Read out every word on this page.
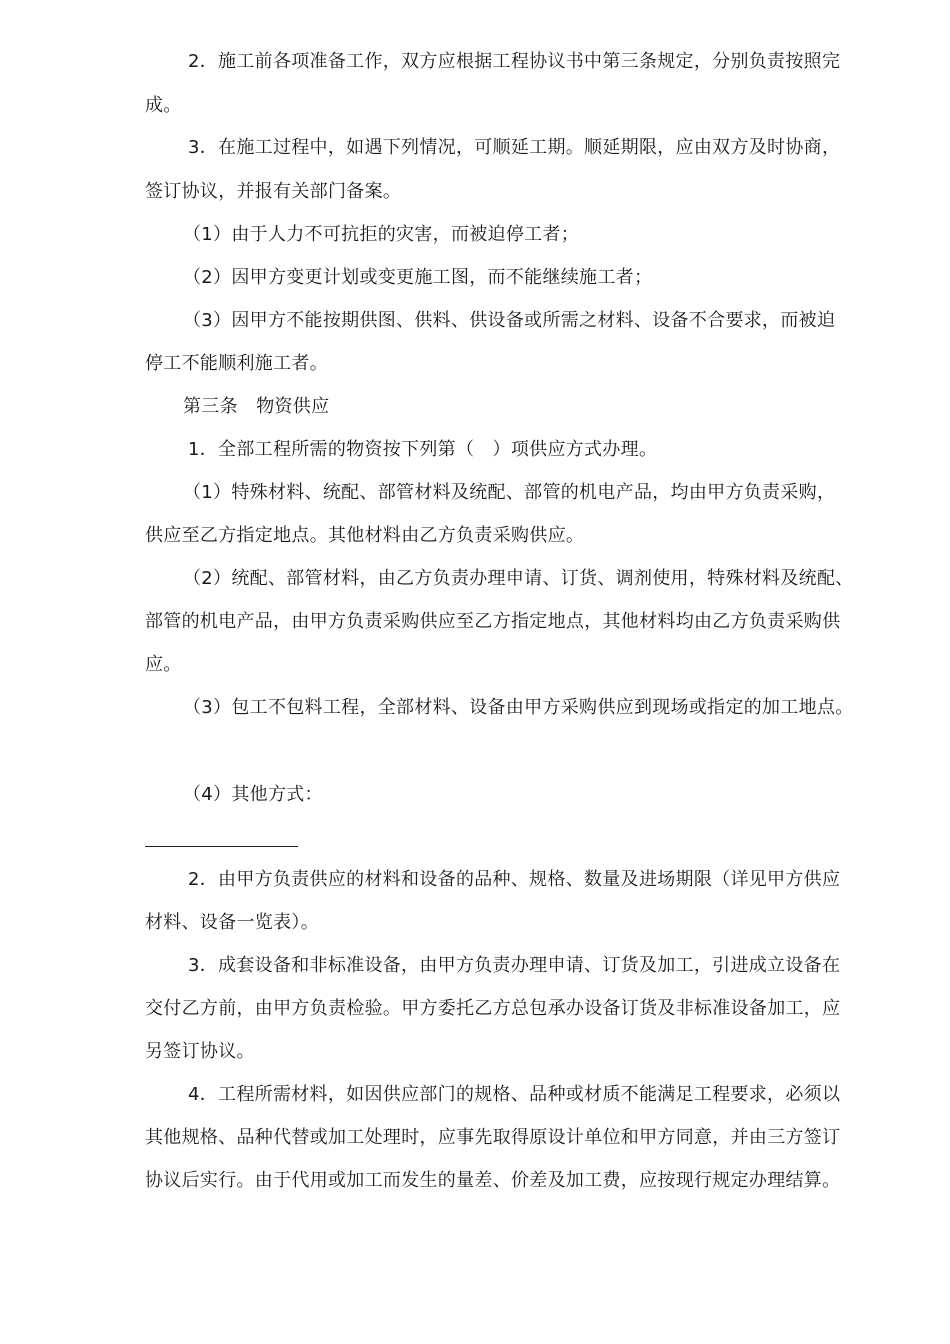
2．施工前各项准备工作，双方应根据工程协议书中第三条规定，分别负责按照完
成。
3．在施工过程中，如遇下列情况，可顺延工期。顺延期限，应由双方及时协商，
签订协议，并报有关部门备案。
（1）由于人力不可抗拒的灾害，而被迫停工者；
（2）因甲方变更计划或变更施工图，而不能继续施工者；
（3）因甲方不能按期供图、供料、供设备或所需之材料、设备不合要求，而被迫
停工不能顺利施工者。
第三条　物资供应
1．全部工程所需的物资按下列第（　）项供应方式办理。
（1）特殊材料、统配、部管材料及统配、部管的机电产品，均由甲方负责采购，
供应至乙方指定地点。其他材料由乙方负责采购供应。
（2）统配、部管材料，由乙方负责办理申请、订货、调剂使用，特殊材料及统配、
部管的机电产品，由甲方负责采购供应至乙方指定地点，其他材料均由乙方负责采购供
应。
（3）包工不包料工程，全部材料、设备由甲方采购供应到现场或指定的加工地点。
（4）其他方式：
2．由甲方负责供应的材料和设备的品种、规格、数量及进场期限（详见甲方供应
材料、设备一览表）。
3．成套设备和非标准设备，由甲方负责办理申请、订货及加工，引进成立设备在
交付乙方前，由甲方负责检验。甲方委托乙方总包承办设备订货及非标准设备加工，应
另签订协议。
4．工程所需材料，如因供应部门的规格、品种或材质不能满足工程要求，必须以
其他规格、品种代替或加工处理时，应事先取得原设计单位和甲方同意，并由三方签订
协议后实行。由于代用或加工而发生的量差、价差及加工费，应按现行规定办理结算。
